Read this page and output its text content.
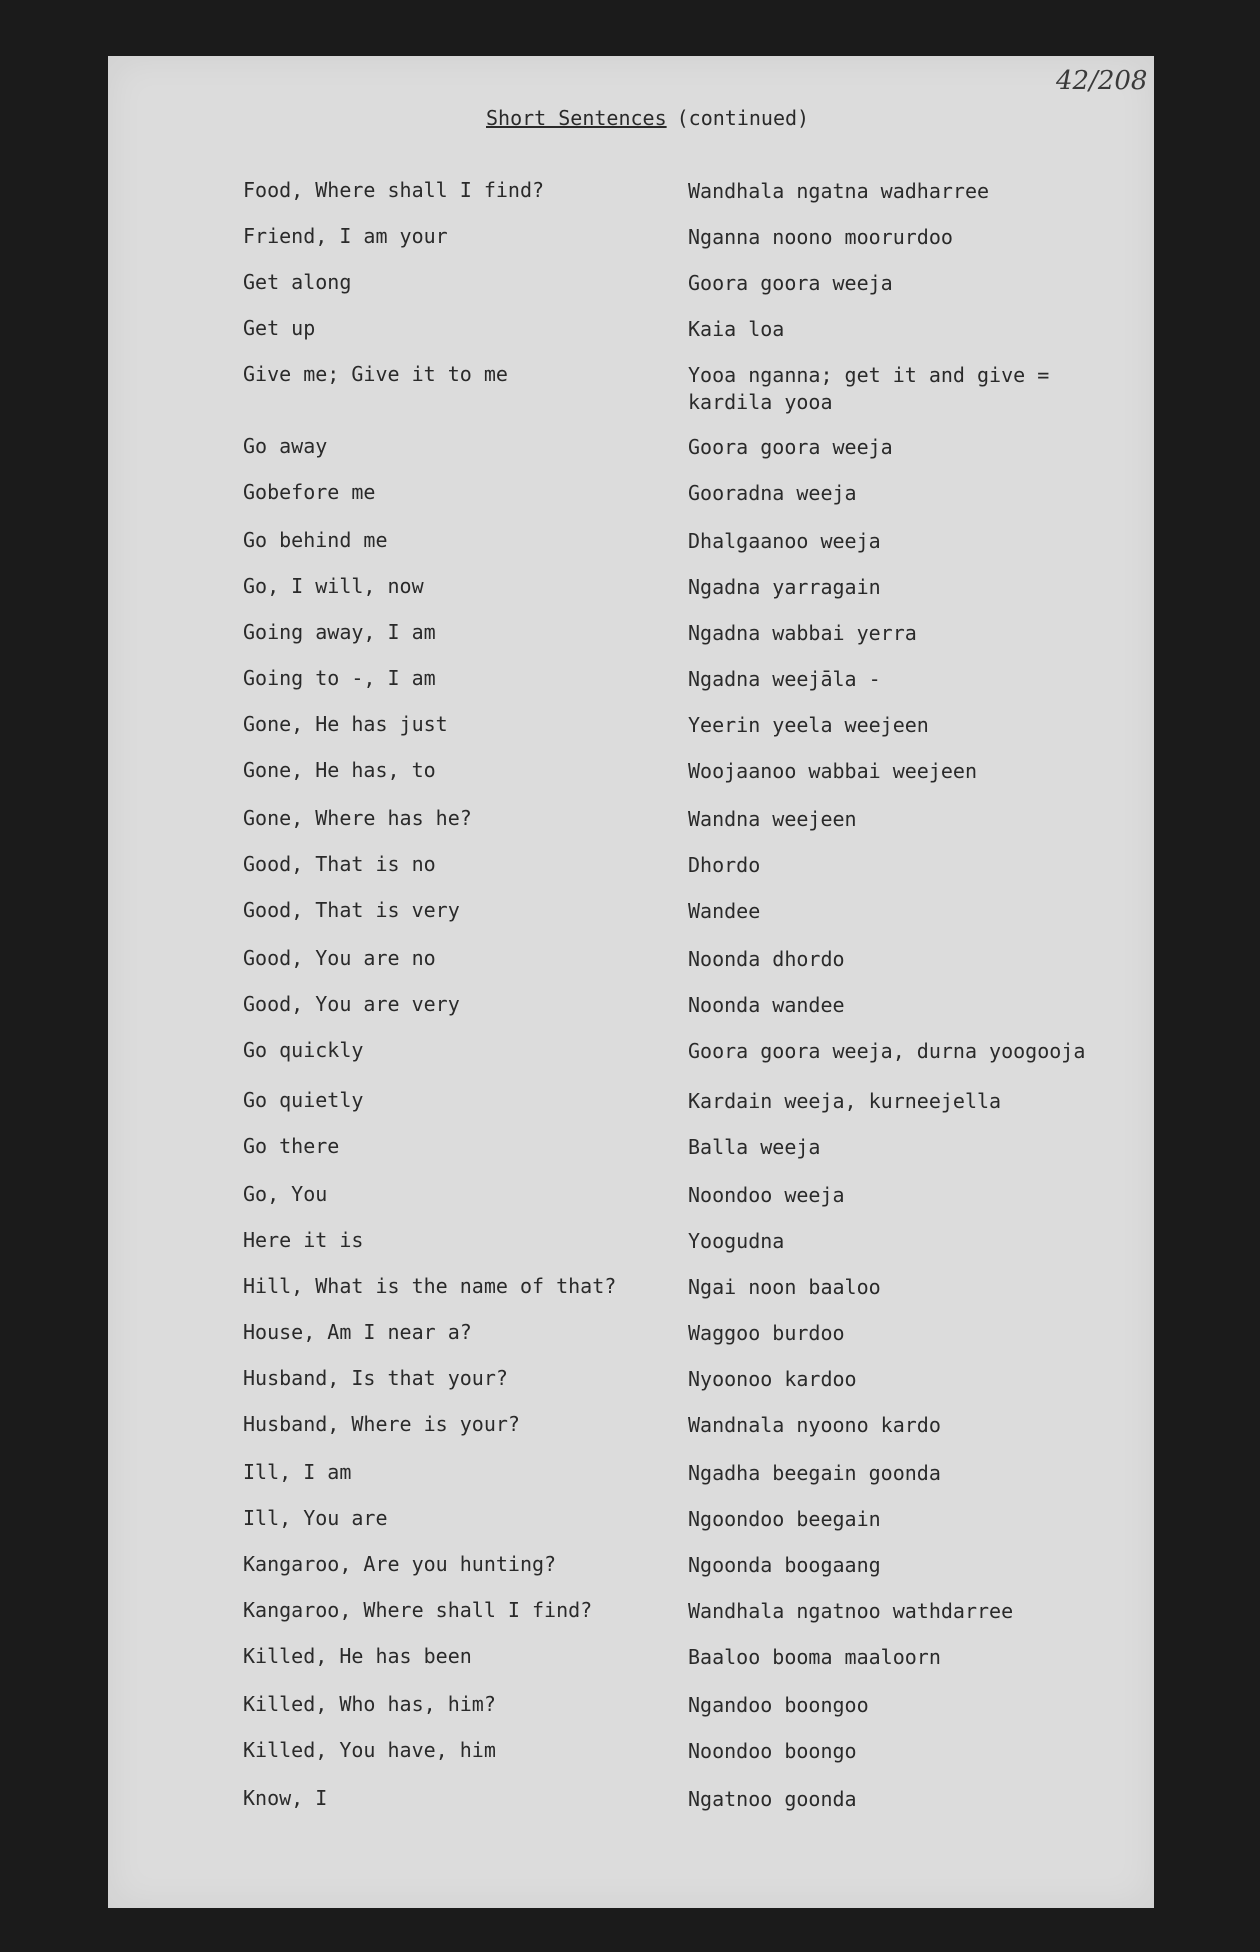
42/208
Short Sentences (continued)
Food, Where shall I find?	Wandhala ngatna wadharree
Friend, I am your	Nganna noono moorurdoo
Get along	Goora goora weeja
Get up	Kaia loa
Give me; Give it to me	Yooa nganna; get it and give =
kardila yooa
Go away	Goora goora weeja
Gobefore me	Gooradna weeja
Go behind me	Dhalgaanoo weeja
Go, I will, now	Ngadna yarragain
Going away, I am	Ngadna wabbai yerra
Going to -, I am	Ngadna weejāla -
Gone, He has just	Yeerin yeela weejeen
Gone, He has, to	Woojaanoo wabbai weejeen
Gone, Where has he?	Wandna weejeen
Good, That is no	Dhordo
Good, That is very	Wandee
Good, You are no	Noonda dhordo
Good, You are very	Noonda wandee
Go quickly	Goora goora weeja, durna yoogooja
Go quietly	Kardain weeja, kurneejella
Go there	Balla weeja
Go, You	Noondoo weeja
Here it is	Yoogudna
Hill, What is the name of that?	Ngai noon baaloo
House, Am I near a?	Waggoo burdoo
Husband, Is that your?	Nyoonoo kardoo
Husband, Where is your?	Wandnala nyoono kardo
Ill, I am	Ngadha beegain goonda
Ill, You are	Ngoondoo beegain
Kangaroo, Are you hunting?	Ngoonda boogaang
Kangaroo, Where shall I find?	Wandhala ngatnoo wathdarree
Killed, He has been	Baaloo booma maaloorn
Killed, Who has, him?	Ngandoo boongoo
Killed, You have, him	Noondoo boongo
Know, I	Ngatnoo goonda
